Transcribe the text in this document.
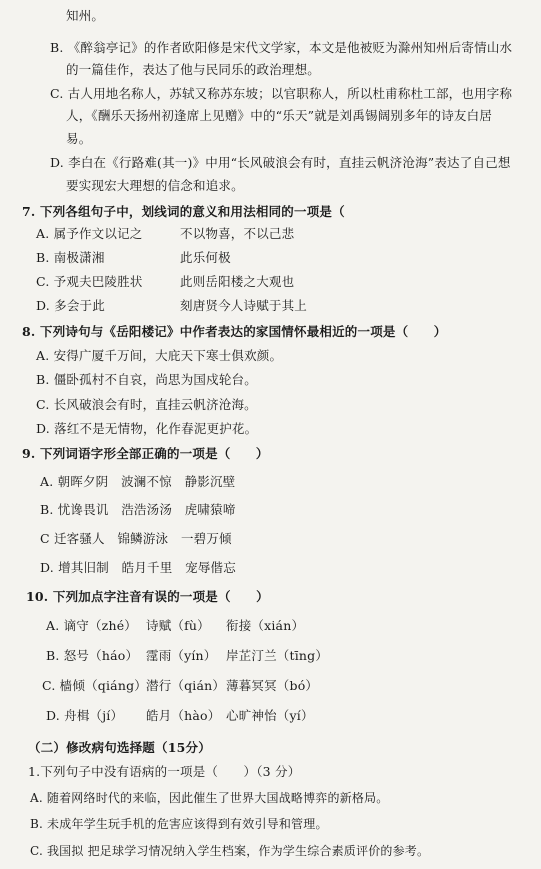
知州。
B. 《醉翁亭记》的作者欧阳修是宋代文学家，本文是他被贬为滁州知州后寄情山水
的一篇佳作，表达了他与民同乐的政治理想。
C. 古人用地名称人，苏轼又称苏东坡；以官职称人，所以杜甫称杜工部，也用字称
人，《酬乐天扬州初逢席上见赠》中的“乐天”就是刘禹锡阔别多年的诗友白居
易。
D. 李白在《行路难(其一)》中用“长风破浪会有时，直挂云帆济沧海”表达了自己想
要实现宏大理想的信念和追求。
7. 下列各组句子中，划线词的意义和用法相同的一项是（
A. 属予作文以记之	不以物喜，不以己悲
B. 南极潇湘	此乐何极
C. 予观夫巴陵胜状	此则岳阳楼之大观也
D. 多会于此	刻唐贤今人诗赋于其上
8. 下列诗句与《岳阳楼记》中作者表达的家国情怀最相近的一项是（　　）
A. 安得广厦千万间，大庇天下寒士俱欢颜。
B. 僵卧孤村不自哀，尚思为国戍轮台。
C. 长风破浪会有时，直挂云帆济沧海。
D. 落红不是无情物，化作春泥更护花。
9. 下列词语字形全部正确的一项是（　　）
A. 朝晖夕阴　波澜不惊　静影沉壁
B. 忧谗畏讥　浩浩汤汤　虎啸猿啼
C 迁客骚人　锦鳞游泳　一碧万倾
D. 增其旧制　皓月千里　宠辱偕忘
10. 下列加点字注音有误的一项是（　　）
A. 谪守（zhé） 诗赋（fù） 衔接（xián）
B. 怒号（háo） 霪雨（yín） 岸芷汀兰（tīng）
C. 樯倾（qiáng） 潜行（qián） 薄暮冥冥（bó）
D. 舟楫（jí） 皓月（hào） 心旷神怡（yí）
（二）修改病句选择题（15分）
1.下列句子中没有语病的一项是（　　）（3 分）
A. 随着网络时代的来临，因此催生了世界大国战略博弈的新格局。
B. 未成年学生玩手机的危害应该得到有效引导和管理。
C. 我国拟 把足球学习情况纳入学生档案，作为学生综合素质评价的参考。
